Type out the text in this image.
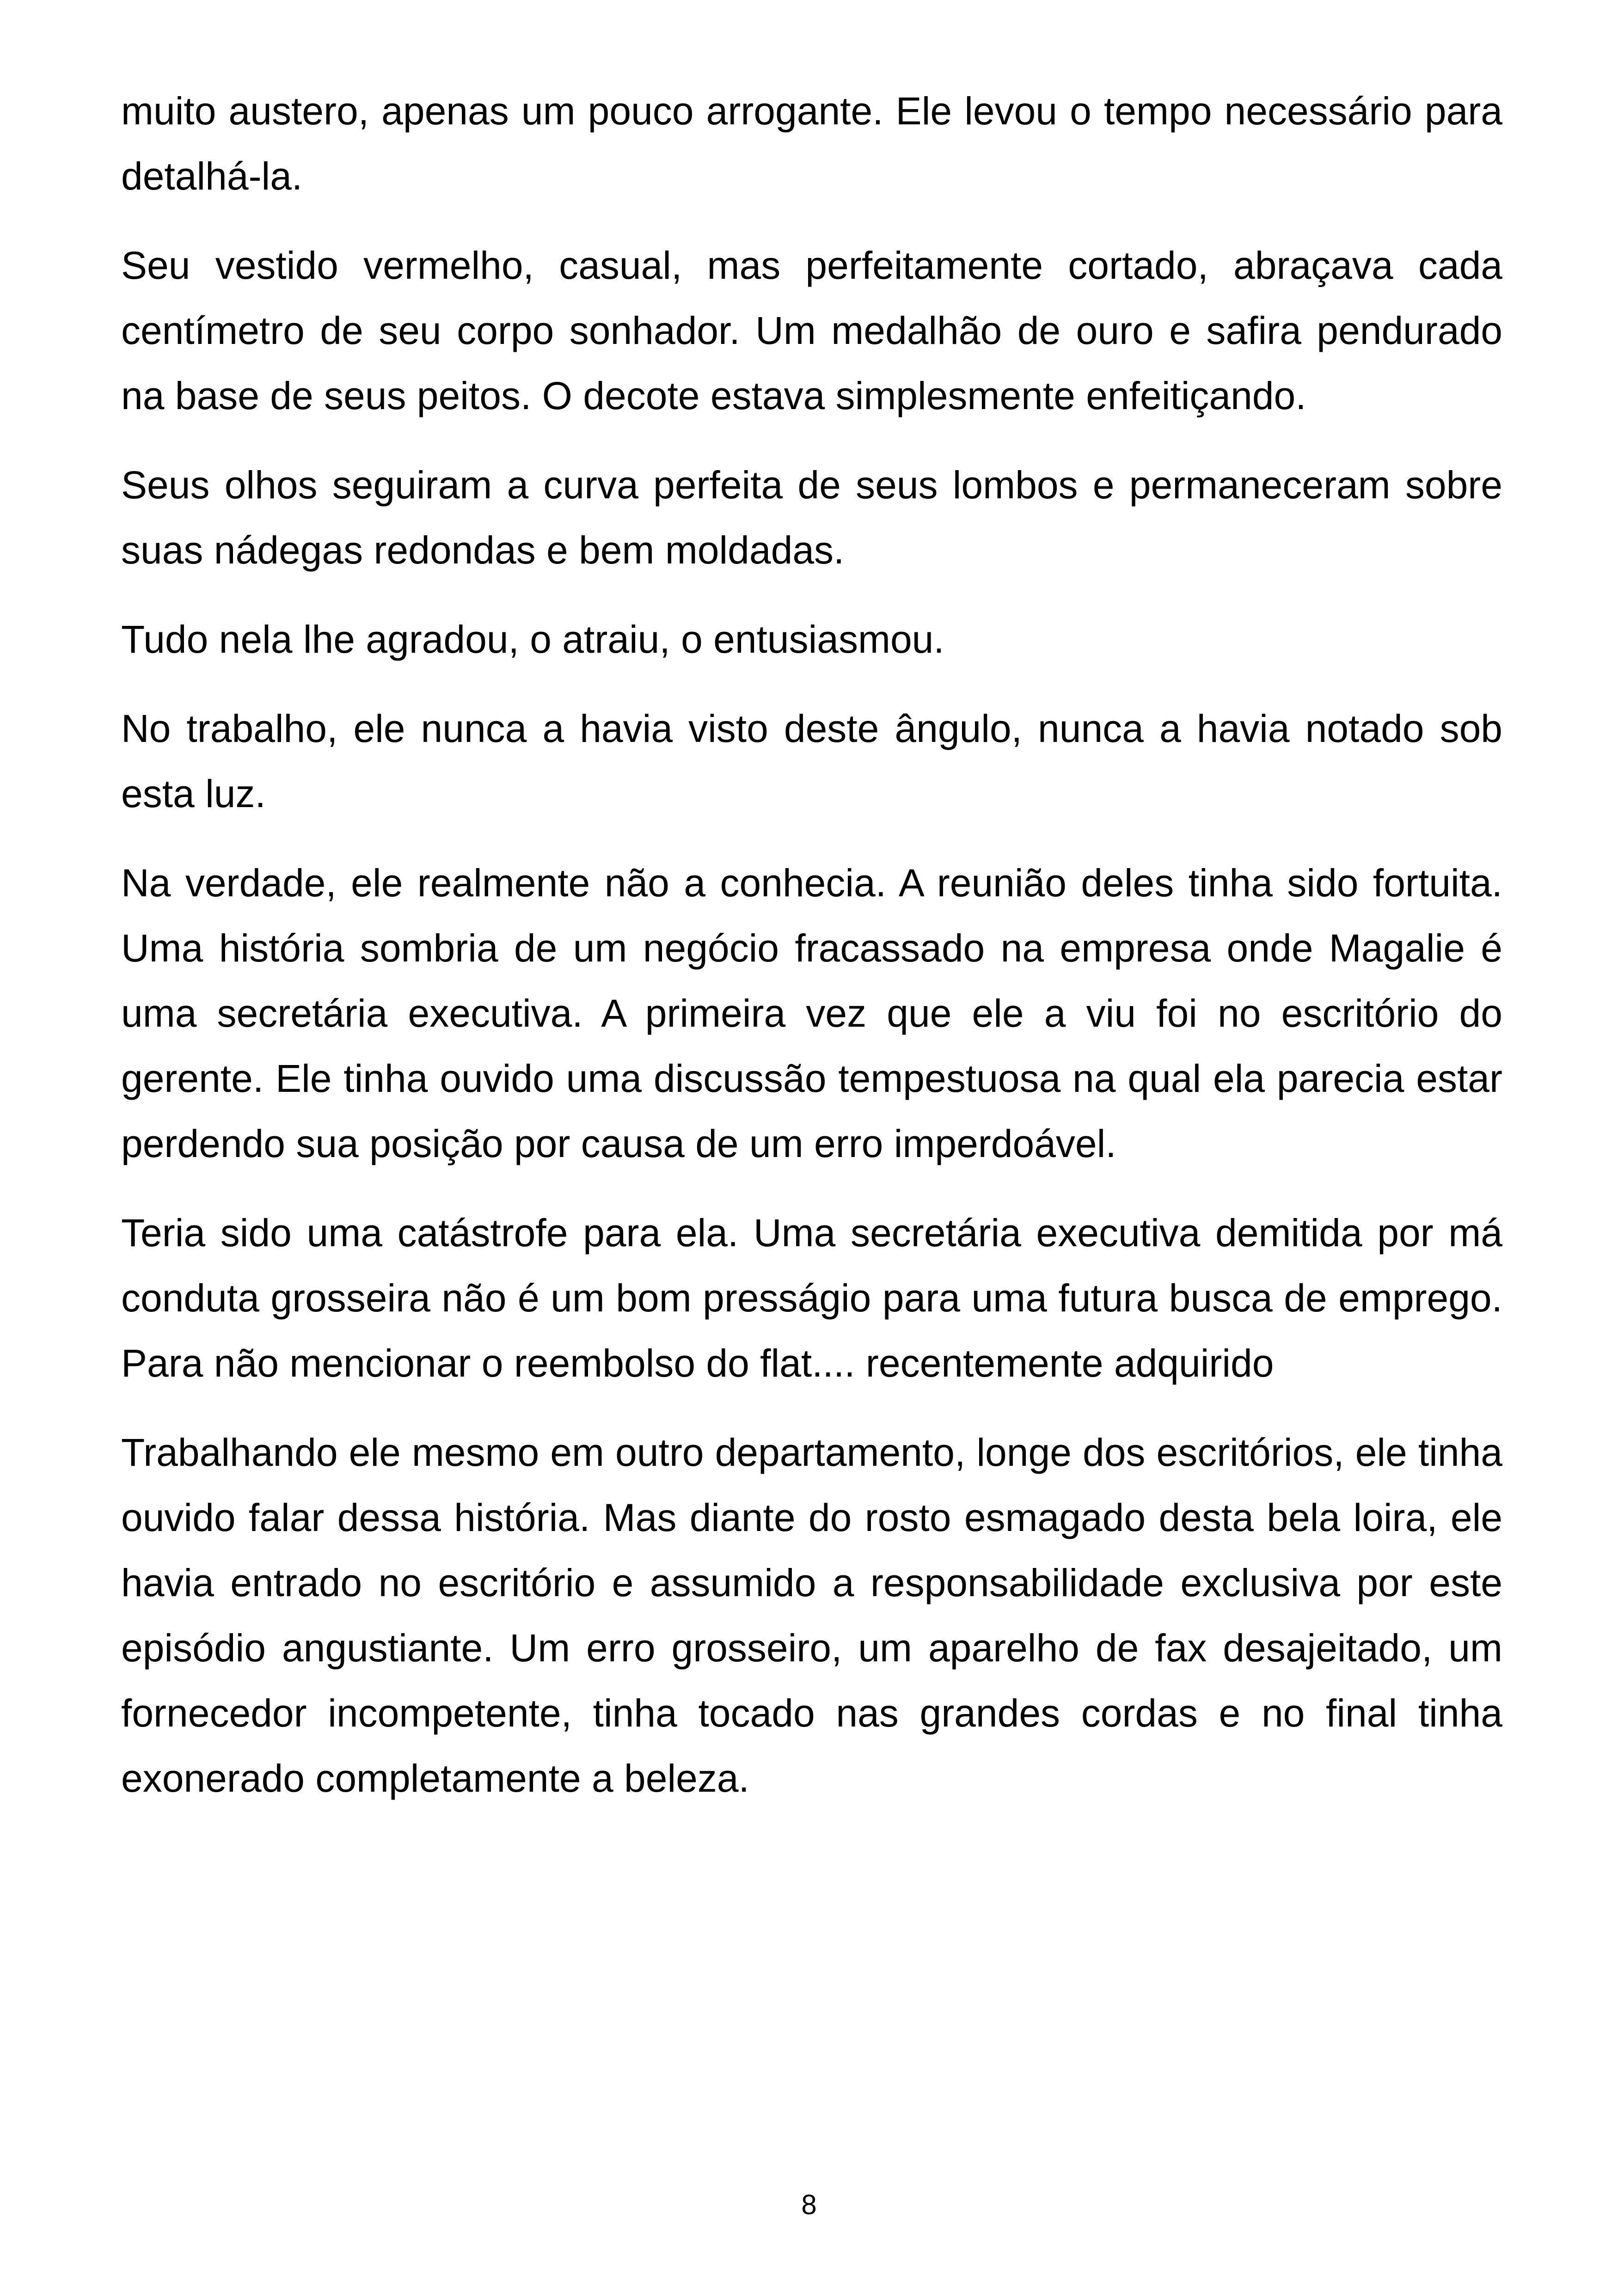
muito austero, apenas um pouco arrogante. Ele levou o tempo necessário para detalhá-la.

Seu vestido vermelho, casual, mas perfeitamente cortado, abraçava cada centímetro de seu corpo sonhador. Um medalhão de ouro e safira pendurado na base de seus peitos. O decote estava simplesmente enfeitiçando.

Seus olhos seguiram a curva perfeita de seus lombos e permaneceram sobre suas nádegas redondas e bem moldadas.

Tudo nela lhe agradou, o atraiu, o entusiasmou.

No trabalho, ele nunca a havia visto deste ângulo, nunca a havia notado sob esta luz.

Na verdade, ele realmente não a conhecia. A reunião deles tinha sido fortuita. Uma história sombria de um negócio fracassado na empresa onde Magalie é uma secretária executiva. A primeira vez que ele a viu foi no escritório do gerente. Ele tinha ouvido uma discussão tempestuosa na qual ela parecia estar perdendo sua posição por causa de um erro imperdoável.

Teria sido uma catástrofe para ela. Uma secretária executiva demitida por má conduta grosseira não é um bom presságio para uma futura busca de emprego. Para não mencionar o reembolso do flat.... recentemente adquirido

Trabalhando ele mesmo em outro departamento, longe dos escritórios, ele tinha ouvido falar dessa história. Mas diante do rosto esmagado desta bela loira, ele havia entrado no escritório e assumido a responsabilidade exclusiva por este episódio angustiante. Um erro grosseiro, um aparelho de fax desajeitado, um fornecedor incompetente, tinha tocado nas grandes cordas e no final tinha exonerado completamente a beleza.

8
